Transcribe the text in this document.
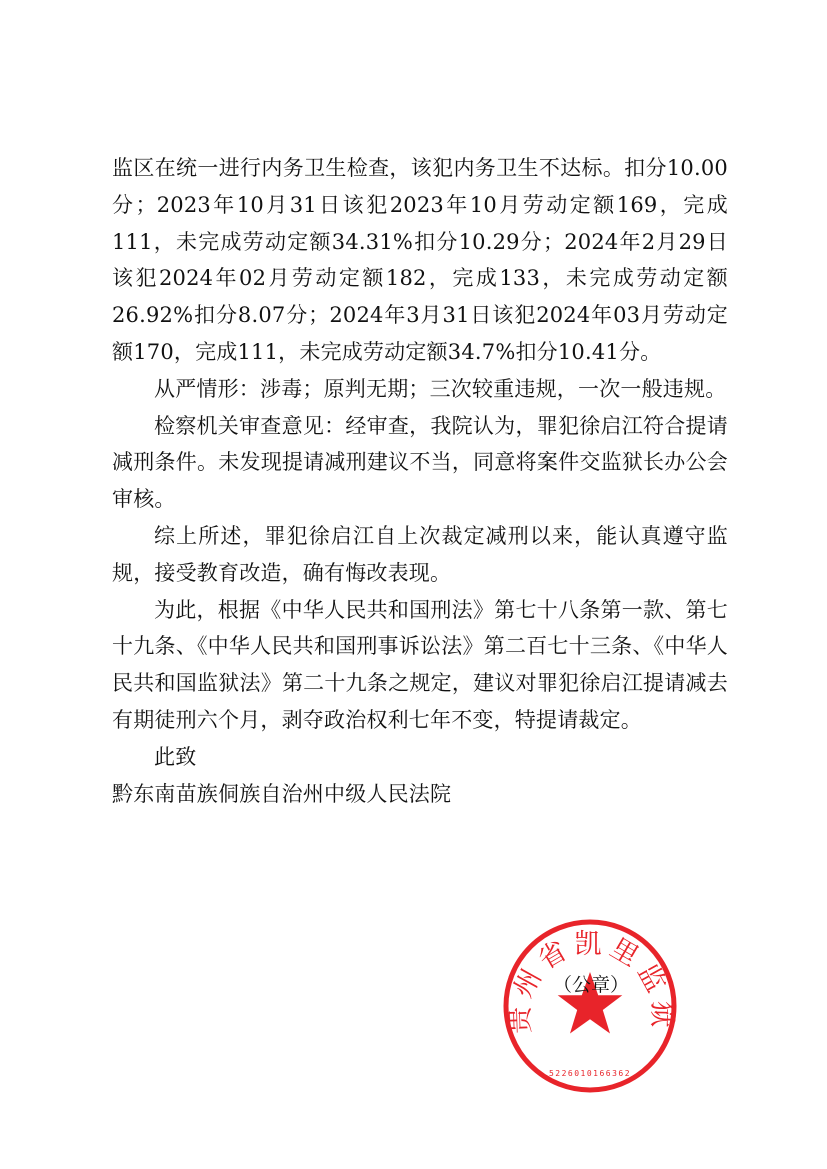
监区在统一进行内务卫生检查，该犯内务卫生不达标。扣分10.00分；2023年10月31日该犯2023年10月劳动定额169，完成111，未完成劳动定额34.31%扣分10.29分；2024年2月29日该犯2024年02月劳动定额182，完成133，未完成劳动定额26.92%扣分8.07分；2024年3月31日该犯2024年03月劳动定额170，完成111，未完成劳动定额34.7%扣分10.41分。

从严情形：涉毒；原判无期；三次较重违规，一次一般违规。

检察机关审查意见：经审查，我院认为，罪犯徐启江符合提请减刑条件。未发现提请减刑建议不当，同意将案件交监狱长办公会审核。

综上所述，罪犯徐启江自上次裁定减刑以来，能认真遵守监规，接受教育改造，确有悔改表现。

为此，根据《中华人民共和国刑法》第七十八条第一款、第七十九条、《中华人民共和国刑事诉讼法》第二百七十三条、《中华人民共和国监狱法》第二十九条之规定，建议对罪犯徐启江提请减去有期徒刑六个月，剥夺政治权利七年不变，特提请裁定。

此致

黔东南苗族侗族自治州中级人民法院

贵州省凯里监狱
5226010166362
（公章）
